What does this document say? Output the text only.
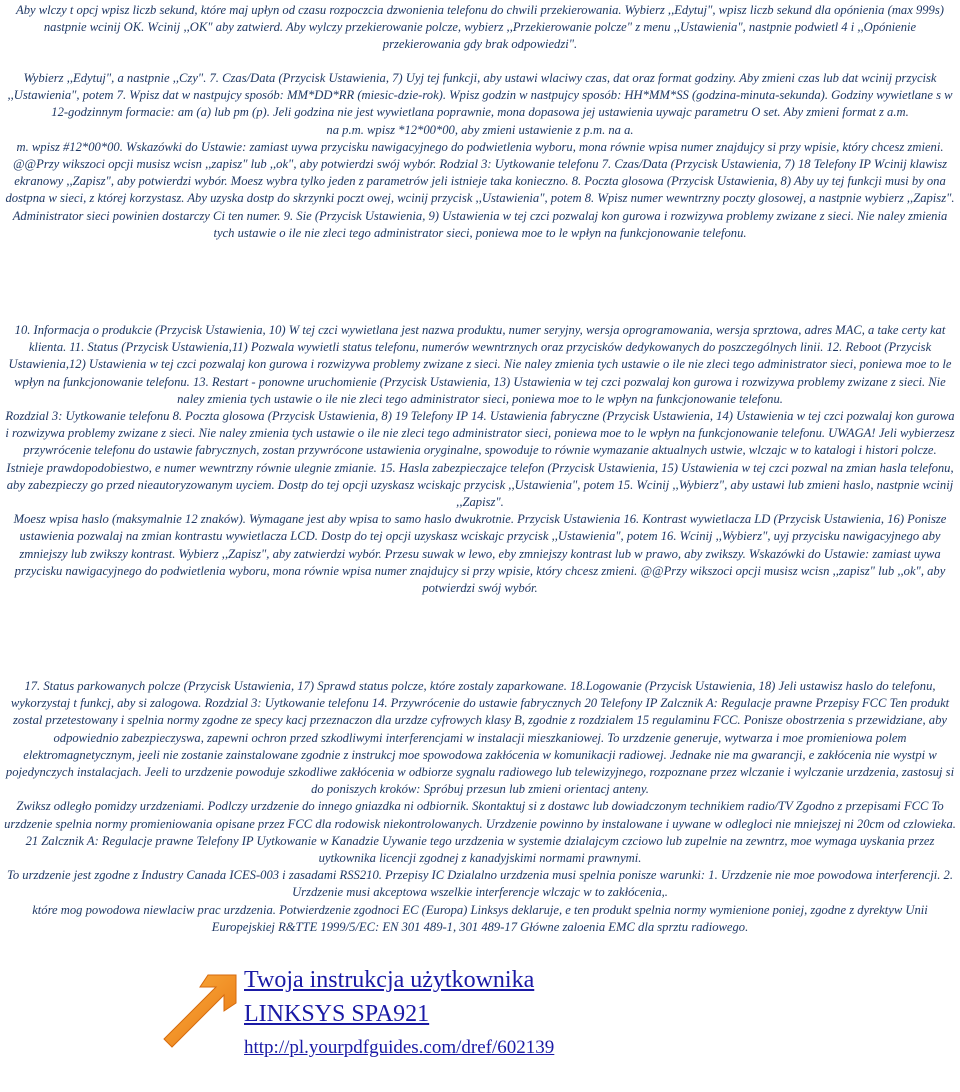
Aby wlczy t opcj wpisz liczb sekund, które maj upłyn od czasu rozpoczcia dzwonienia telefonu do chwili przekierowania. Wybierz ,,Edytuj", wpisz liczb sekund dla opónienia (max 999s) nastpnie wcinij OK. Wcinij ,,OK" aby zatwierd. Aby wylczy przekierowanie polcze, wybierz ,,Przekierowanie polcze" z menu ,,Ustawienia", nastpnie podwietl 4 i ,,Opónienie przekierowania gdy brak odpowiedzi".
Wybierz ,,Edytuj", a nastpnie ,,Czy". 7. Czas/Data (Przycisk Ustawienia, 7) Uyj tej funkcji, aby ustawi wlaciwy czas, dat oraz format godziny. Aby zmieni czas lub dat wcinij przycisk ,,Ustawienia", potem 7. Wpisz dat w nastpujcy sposób: MM*DD*RR (miesic-dzie-rok). Wpisz godzin w nastpujcy sposób: HH*MM*SS (godzina-minuta-sekunda). Godziny wywietlane s w 12-godzinnym formacie: am (a) lub pm (p). Jeli godzina nie jest wywietlana poprawnie, mona dopasowa jej ustawienia uywajc parametru O set. Aby zmieni format z a.m.
na p.m. wpisz *12*00*00, aby zmieni ustawienie z p.m. na a.
m. wpisz #12*00*00. Wskazówki do Ustawie: zamiast uywa przycisku nawigacyjnego do podwietlenia wyboru, mona równie wpisa numer znajdujcy si przy wpisie, który chcesz zmieni. @@Przy wikszoci opcji musisz wcisn ,,zapisz" lub ,,ok", aby potwierdzi swój wybór. Rodzial 3: Uytkowanie telefonu 7. Czas/Data (Przycisk Ustawienia, 7) 18 Telefony IP Wcinij klawisz ekranowy ,,Zapisz", aby potwierdzi wybór. Moesz wybra tylko jeden z parametrów jeli istnieje taka konieczno. 8. Poczta glosowa (Przycisk Ustawienia, 8) Aby uy tej funkcji musi by ona dostpna w sieci, z której korzystasz. Aby uzyska dostp do skrzynki poczt owej, wcinij przycisk ,,Ustawienia", potem 8. Wpisz numer wewntrzny poczty glosowej, a nastpnie wybierz ,,Zapisz". Administrator sieci powinien dostarczy Ci ten numer. 9. Sie (Przycisk Ustawienia, 9) Ustawienia w tej czci pozwalaj kon gurowa i rozwizywa problemy zwizane z sieci. Nie naley zmienia tych ustawie o ile nie zleci tego administrator sieci, poniewa moe to le wpłyn na funkcjonowanie telefonu.
10. Informacja o produkcie (Przycisk Ustawienia, 10) W tej czci wywietlana jest nazwa produktu, numer seryjny, wersja oprogramowania, wersja sprztowa, adres MAC, a take certy kat klienta. 11. Status (Przycisk Ustawienia,11) Pozwala wywietli status telefonu, numerów wewntrznych oraz przycisków dedykowanych do poszczególnych linii. 12. Reboot (Przycisk Ustawienia,12) Ustawienia w tej czci pozwalaj kon gurowa i rozwizywa problemy zwizane z sieci. Nie naley zmienia tych ustawie o ile nie zleci tego administrator sieci, poniewa moe to le wpłyn na funkcjonowanie telefonu. 13. Restart - ponowne uruchomienie (Przycisk Ustawienia, 13) Ustawienia w tej czci pozwalaj kon gurowa i rozwizywa problemy zwizane z sieci. Nie naley zmienia tych ustawie o ile nie zleci tego administrator sieci, poniewa moe to le wpłyn na funkcjonowanie telefonu.
Rozdzial 3: Uytkowanie telefonu 8. Poczta glosowa (Przycisk Ustawienia, 8) 19 Telefony IP 14. Ustawienia fabryczne (Przycisk Ustawienia, 14) Ustawienia w tej czci pozwalaj kon gurowa i rozwizywa problemy zwizane z sieci. Nie naley zmienia tych ustawie o ile nie zleci tego administrator sieci, poniewa moe to le wpłyn na funkcjonowanie telefonu. UWAGA! Jeli wybierzesz przywrócenie telefonu do ustawie fabrycznych, zostan przywrócone ustawienia oryginalne, spowoduje to równie wymazanie aktualnych ustwie, wlczajc w to katalogi i histori polcze.
Istnieje prawdopodobiestwo, e numer wewntrzny równie ulegnie zmianie. 15. Hasla zabezpieczajce telefon (Przycisk Ustawienia, 15) Ustawienia w tej czci pozwal na zmian hasla telefonu, aby zabezpieczy go przed nieautoryzowanym uyciem. Dostp do tej opcji uzyskasz wciskajc przycisk ,,Ustawienia", potem 15. Wcinij ,,Wybierz", aby ustawi lub zmieni haslo, nastpnie wcinij ,,Zapisz".
Moesz wpisa haslo (maksymalnie 12 znaków). Wymagane jest aby wpisa to samo haslo dwukrotnie. Przycisk Ustawienia 16. Kontrast wywietlacza LD (Przycisk Ustawienia, 16) Ponisze ustawienia pozwalaj na zmian kontrastu wywietlacza LCD. Dostp do tej opcji uzyskasz wciskajc przycisk ,,Ustawienia", potem 16. Wcinij ,,Wybierz", uyj przycisku nawigacyjnego aby zmniejszy lub zwikszy kontrast. Wybierz ,,Zapisz", aby zatwierdzi wybór. Przesu suwak w lewo, eby zmniejszy kontrast lub w prawo, aby zwikszy. Wskazówki do Ustawie: zamiast uywa przycisku nawigacyjnego do podwietlenia wyboru, mona równie wpisa numer znajdujcy si przy wpisie, który chcesz zmieni. @@Przy wikszoci opcji musisz wcisn ,,zapisz" lub ,,ok", aby potwierdzi swój wybór.
17. Status parkowanych polcze (Przycisk Ustawienia, 17) Sprawd status polcze, które zostaly zaparkowane. 18.Logowanie (Przycisk Ustawienia, 18) Jeli ustawisz haslo do telefonu, wykorzystaj t funkcj, aby si zalogowa. Rozdzial 3: Uytkowanie telefonu 14. Przywrócenie do ustawie fabrycznych 20 Telefony IP Zalcznik A: Regulacje prawne Przepisy FCC Ten produkt zostal przetestowany i spelnia normy zgodne ze specy kacj przeznaczon dla urzdze cyfrowych klasy B, zgodnie z rozdzialem 15 regulaminu FCC. Ponisze obostrzenia s przewidziane, aby odpowiednio zabezpieczyswa, zapewni ochron przed szkodliwymi interferencjami w instalacji mieszkaniowej. To urzdzenie generuje, wytwarza i moe promieniowa polem elektromagnetycznym, jeeli nie zostanie zainstalowane zgodnie z instrukcj moe spowodowa zakłócenia w komunikacji radiowej. Jednake nie ma gwarancji, e zakłócenia nie wystpi w pojedynczych instalacjach. Jeeli to urzdzenie powoduje szkodliwe zakłócenia w odbiorze sygnalu radiowego lub telewizyjnego, rozpoznane przez wlczanie i wylczanie urzdzenia, zastosuj si do poniszych kroków: Spróbuj przesun lub zmieni orientacj anteny.
Zwiksz odległo pomidzy urzdzeniami. Podlczy urzdzenie do innego gniazdka ni odbiornik. Skontaktuj si z dostawc lub dowiadczonym technikiem radio/TV Zgodno z przepisami FCC To urzdzenie spelnia normy promieniowania opisane przez FCC dla rodowisk niekontrolowanych. Urzdzenie powinno by instalowane i uywane w odlegloci nie mniejszej ni 20cm od czlowieka. 21 Zalcznik A: Regulacje prawne Telefony IP Uytkowanie w Kanadzie Uywanie tego urzdzenia w systemie dzialajcym czciowo lub zupelnie na zewntrz, moe wymaga uyskania przez uytkownika licencji zgodnej z kanadyjskimi normami prawnymi.
To urzdzenie jest zgodne z Industry Canada ICES-003 i zasadami RSS210. Przepisy IC Dzialalno urzdzenia musi spelnia ponisze warunki: 1. Urzdzenie nie moe powodowa interferencji. 2. Urzdzenie musi akceptowa wszelkie interferencje wlczajc w to zakłócenia,.
które mog powodowa niewlaciw prac urzdzenia. Potwierdzenie zgodnoci EC (Europa) Linksys deklaruje, e ten produkt spelnia normy wymienione poniej, zgodne z dyrektyw Unii Europejskiej R&TTE 1999/5/EC: EN 301 489-1, 301 489-17 Główne zaloenia EMC dla sprztu radiowego.
Twoja instrukcja użytkownika
LINKSYS SPA921
http://pl.yourpdfguides.com/dref/602139
